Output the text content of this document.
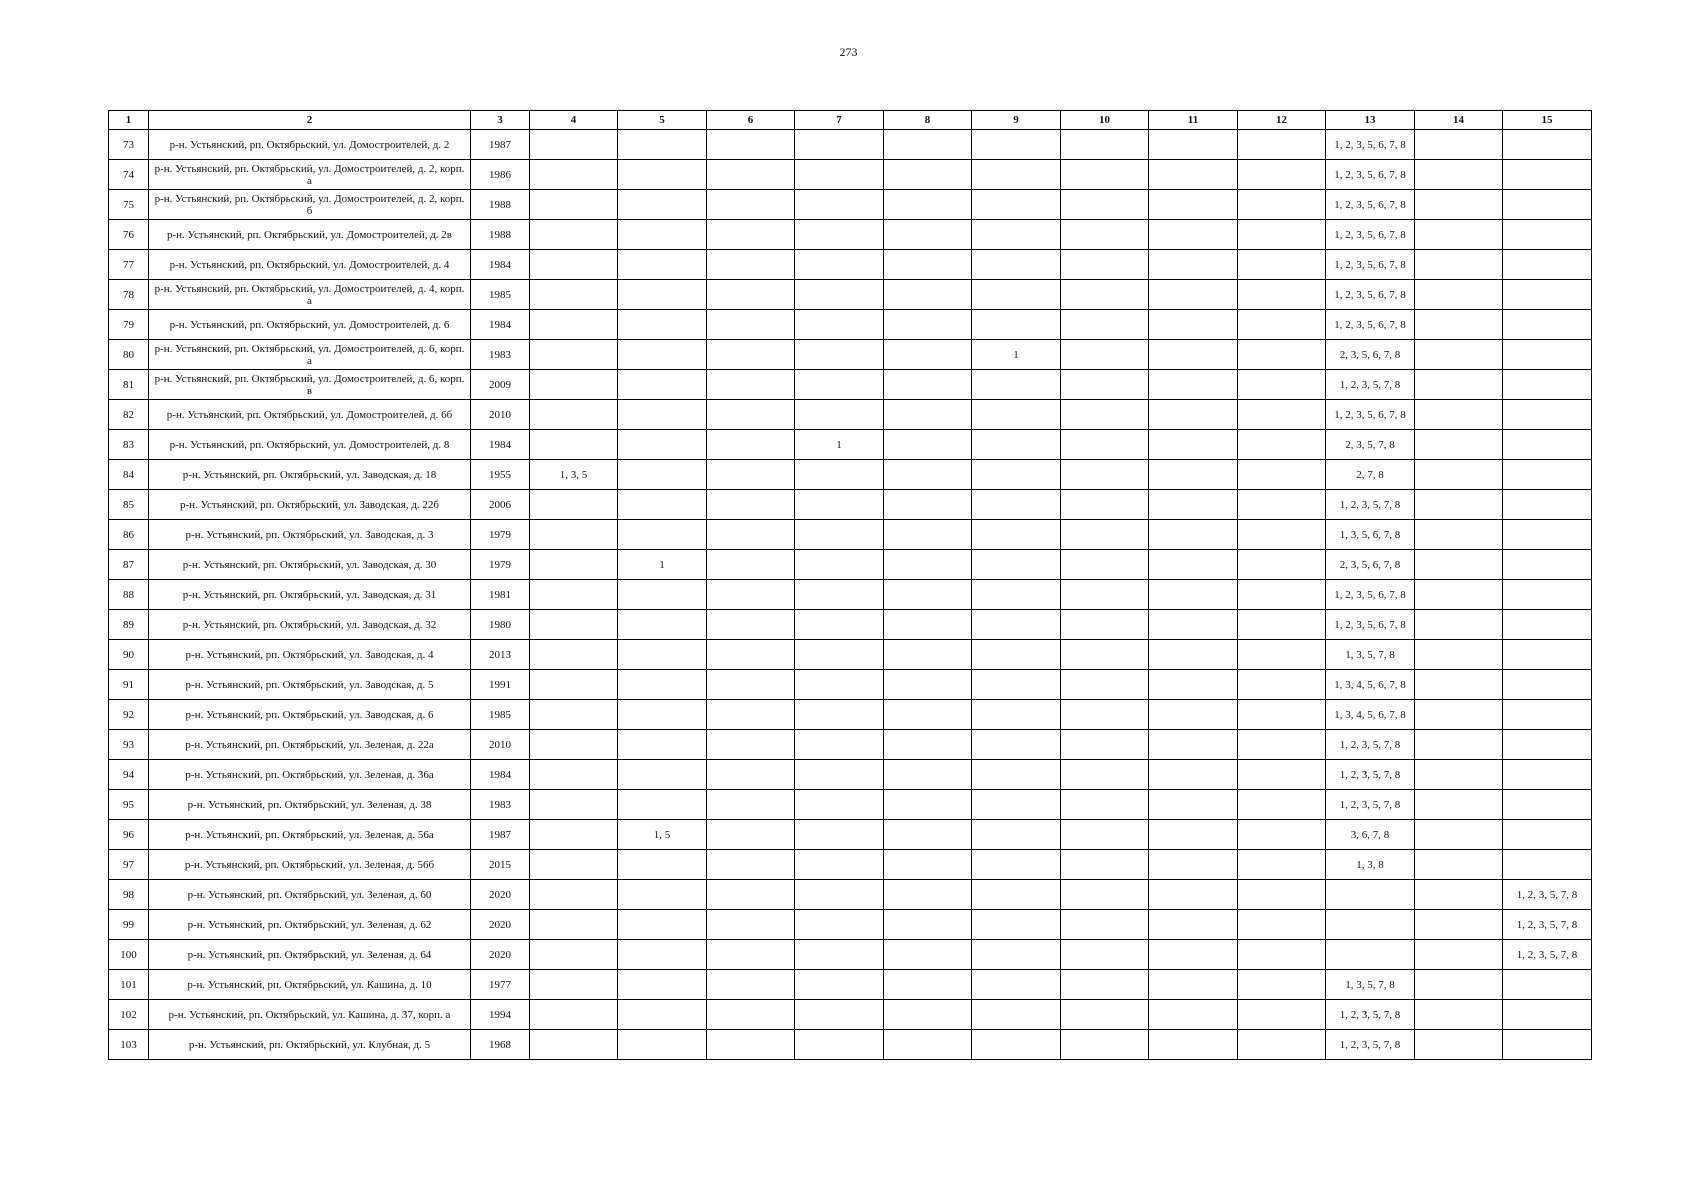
273
1	2	3	4	5	6	7	8	9	10	11	12	13	14	15
73	р-н. Устьянский, рп. Октябрьский, ул. Домостроителей, д. 2	1987										1, 2, 3, 5, 6, 7, 8		
74	р-н. Устьянский, рп. Октябрьский, ул. Домостроителей, д. 2, корп. а	1986										1, 2, 3, 5, 6, 7, 8		
75	р-н. Устьянский, рп. Октябрьский, ул. Домостроителей, д. 2, корп. б	1988										1, 2, 3, 5, 6, 7, 8		
76	р-н. Устьянский, рп. Октябрьский, ул. Домостроителей, д. 2в	1988										1, 2, 3, 5, 6, 7, 8		
77	р-н. Устьянский, рп. Октябрьский, ул. Домостроителей, д. 4	1984										1, 2, 3, 5, 6, 7, 8		
78	р-н. Устьянский, рп. Октябрьский, ул. Домостроителей, д. 4, корп. а	1985										1, 2, 3, 5, 6, 7, 8		
79	р-н. Устьянский, рп. Октябрьский, ул. Домостроителей, д. 6	1984										1, 2, 3, 5, 6, 7, 8		
80	р-н. Устьянский, рп. Октябрьский, ул. Домостроителей, д. 6, корп. а	1983						1				2, 3, 5, 6, 7, 8		
81	р-н. Устьянский, рп. Октябрьский, ул. Домостроителей, д. 6, корп. в	2009										1, 2, 3, 5, 7, 8		
82	р-н. Устьянский, рп. Октябрьский, ул. Домостроителей, д. 6б	2010										1, 2, 3, 5, 6, 7, 8		
83	р-н. Устьянский, рп. Октябрьский, ул. Домостроителей, д. 8	1984				1						2, 3, 5, 7, 8		
84	р-н. Устьянский, рп. Октябрьский, ул. Заводская, д. 18	1955	1, 3, 5									2, 7, 8		
85	р-н. Устьянский, рп. Октябрьский, ул. Заводская, д. 22б	2006										1, 2, 3, 5, 7, 8		
86	р-н. Устьянский, рп. Октябрьский, ул. Заводская, д. 3	1979										1, 3, 5, 6, 7, 8		
87	р-н. Устьянский, рп. Октябрьский, ул. Заводская, д. 30	1979		1								2, 3, 5, 6, 7, 8		
88	р-н. Устьянский, рп. Октябрьский, ул. Заводская, д. 31	1981										1, 2, 3, 5, 6, 7, 8		
89	р-н. Устьянский, рп. Октябрьский, ул. Заводская, д. 32	1980										1, 2, 3, 5, 6, 7, 8		
90	р-н. Устьянский, рп. Октябрьский, ул. Заводская, д. 4	2013										1, 3, 5, 7, 8		
91	р-н. Устьянский, рп. Октябрьский, ул. Заводская, д. 5	1991										1, 3, 4, 5, 6, 7, 8		
92	р-н. Устьянский, рп. Октябрьский, ул. Заводская, д. 6	1985										1, 3, 4, 5, 6, 7, 8		
93	р-н. Устьянский, рп. Октябрьский, ул. Зеленая, д. 22а	2010										1, 2, 3, 5, 7, 8		
94	р-н. Устьянский, рп. Октябрьский, ул. Зеленая, д. 36а	1984										1, 2, 3, 5, 7, 8		
95	р-н. Устьянский, рп. Октябрьский, ул. Зеленая, д. 38	1983										1, 2, 3, 5, 7, 8		
96	р-н. Устьянский, рп. Октябрьский, ул. Зеленая, д. 56а	1987		1, 5								3, 6, 7, 8		
97	р-н. Устьянский, рп. Октябрьский, ул. Зеленая, д. 56б	2015										1, 3, 8		
98	р-н. Устьянский, рп. Октябрьский, ул. Зеленая, д. 60	2020												1, 2, 3, 5, 7, 8
99	р-н. Устьянский, рп. Октябрьский, ул. Зеленая, д. 62	2020												1, 2, 3, 5, 7, 8
100	р-н. Устьянский, рп. Октябрьский, ул. Зеленая, д. 64	2020												1, 2, 3, 5, 7, 8
101	р-н. Устьянский, рп. Октябрьский, ул. Кашина, д. 10	1977										1, 3, 5, 7, 8		
102	р-н. Устьянский, рп. Октябрьский, ул. Кашина, д. 37, корп. а	1994										1, 2, 3, 5, 7, 8		
103	р-н. Устьянский, рп. Октябрьский, ул. Клубная, д. 5	1968										1, 2, 3, 5, 7, 8		
